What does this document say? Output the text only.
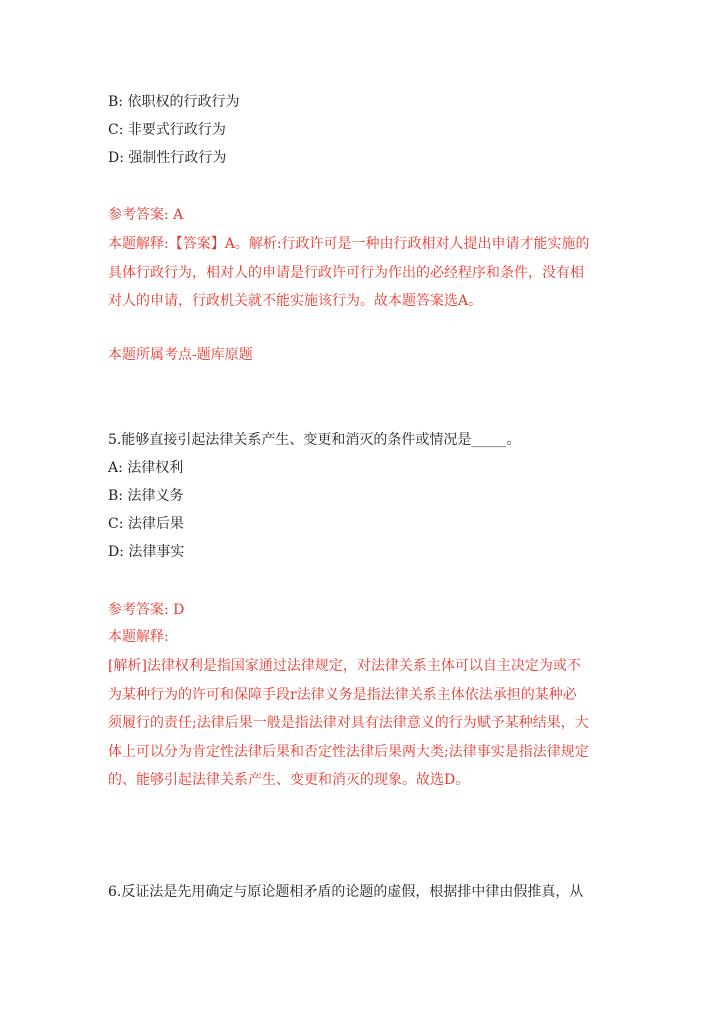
B: 依职权的行政行为
C: 非要式行政行为
D: 强制性行政行为
参考答案: A
本题解释:【答案】A。解析:行政许可是一种由行政相对人提出申请才能实施的
具体行政行为，相对人的申请是行政许可行为作出的必经程序和条件，没有相
对人的申请，行政机关就不能实施该行为。故本题答案选A。
本题所属考点-题库原题
5.能够直接引起法律关系产生、变更和消灭的条件或情况是_____。
A: 法律权利
B: 法律义务
C: 法律后果
D: 法律事实
参考答案: D
本题解释:
[解析]法律权利是指国家通过法律规定，对法律关系主体可以自主决定为或不
为某种行为的许可和保障手段r法律义务是指法律关系主体依法承担的某种必
须履行的责任;法律后果一般是指法律对具有法律意义的行为赋予某种结果，大
体上可以分为肯定性法律后果和否定性法律后果两大类;法律事实是指法律规定
的、能够引起法律关系产生、变更和消灭的现象。故选D。
6.反证法是先用确定与原论题相矛盾的论题的虚假，根据排中律由假推真，从
